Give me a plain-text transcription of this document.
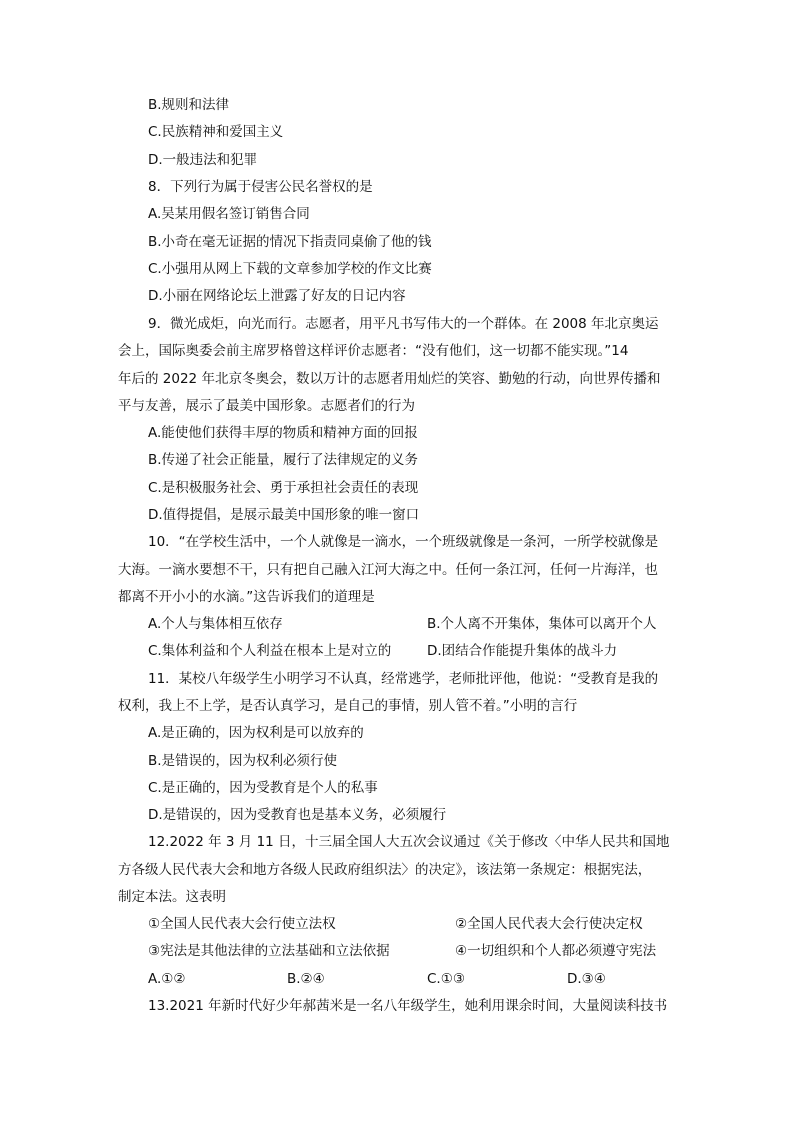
B.规则和法律
C.民族精神和爱国主义
D.一般违法和犯罪
8．下列行为属于侵害公民名誉权的是
A.吴某用假名签订销售合同
B.小奇在毫无证据的情况下指责同桌偷了他的钱
C.小强用从网上下载的文章参加学校的作文比赛
D.小丽在网络论坛上泄露了好友的日记内容
9．微光成炬，向光而行。志愿者，用平凡书写伟大的一个群体。在 2008 年北京奥运
会上，国际奥委会前主席罗格曾这样评价志愿者：“没有他们，这一切都不能实现。”14
年后的 2022 年北京冬奥会，数以万计的志愿者用灿烂的笑容、勤勉的行动，向世界传播和
平与友善，展示了最美中国形象。志愿者们的行为
A.能使他们获得丰厚的物质和精神方面的回报
B.传递了社会正能量，履行了法律规定的义务
C.是积极服务社会、勇于承担社会责任的表现
D.值得提倡，是展示最美中国形象的唯一窗口
10．“在学校生活中，一个人就像是一滴水，一个班级就像是一条河，一所学校就像是
大海。一滴水要想不干，只有把自己融入江河大海之中。任何一条江河，任何一片海洋，也
都离不开小小的水滴。”这告诉我们的道理是
A.个人与集体相互依存	B.个人离不开集体，集体可以离开个人
C.集体利益和个人利益在根本上是对立的	D.团结合作能提升集体的战斗力
11．某校八年级学生小明学习不认真，经常逃学，老师批评他，他说：“受教育是我的
权利，我上不上学，是否认真学习，是自己的事情，别人管不着。”小明的言行
A.是正确的，因为权利是可以放弃的
B.是错误的，因为权利必须行使
C.是正确的，因为受教育是个人的私事
D.是错误的，因为受教育也是基本义务，必须履行
12.2022 年 3 月 11 日，十三届全国人大五次会议通过《关于修改〈中华人民共和国地
方各级人民代表大会和地方各级人民政府组织法〉的决定》，该法第一条规定：根据宪法，
制定本法。这表明
①全国人民代表大会行使立法权	②全国人民代表大会行使决定权
③宪法是其他法律的立法基础和立法依据	④一切组织和个人都必须遵守宪法
A.①②	B.②④	C.①③	D.③④
13.2021 年新时代好少年郝茜米是一名八年级学生，她利用课余时间，大量阅读科技书
